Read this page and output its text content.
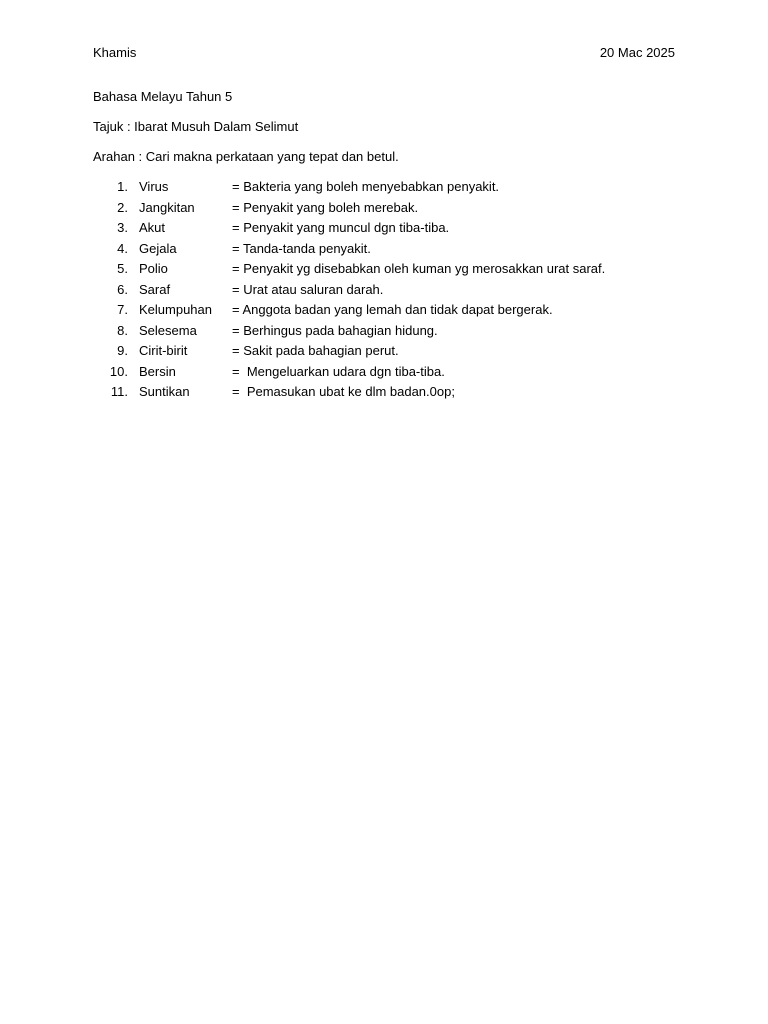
Khamis	20 Mac 2025
Bahasa Melayu Tahun 5
Tajuk : Ibarat Musuh Dalam Selimut
Arahan : Cari makna perkataan yang tepat dan betul.
1. Virus	= Bakteria yang boleh menyebabkan penyakit.
2. Jangkitan	= Penyakit yang boleh merebak.
3. Akut	= Penyakit yang muncul dgn tiba-tiba.
4. Gejala	= Tanda-tanda penyakit.
5. Polio	= Penyakit yg disebabkan oleh kuman yg merosakkan urat saraf.
6. Saraf	= Urat atau saluran darah.
7. Kelumpuhan = Anggota badan yang lemah dan tidak dapat bergerak.
8. Selesema	= Berhingus pada bahagian hidung.
9. Cirit-birit	= Sakit pada bahagian perut.
10. Bersin	=  Mengeluarkan udara dgn tiba-tiba.
11. Suntikan	=  Pemasukan ubat ke dlm badan.0op;
